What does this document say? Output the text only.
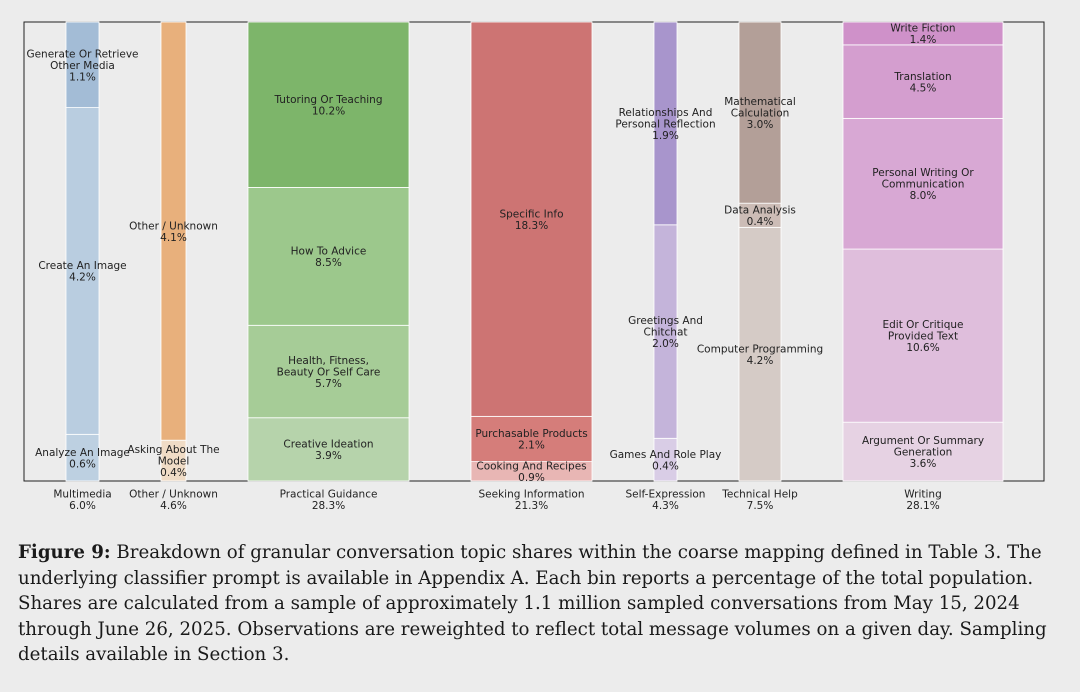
Analyze An Image 0.6%
Create An Image 4.2%
Generate Or Retrieve Other Media 1.1%
Asking About The Model 0.4%
Other / Unknown 4.1%
Creative Ideation 3.9%
Health, Fitness, Beauty Or Self Care 5.7%
How To Advice 8.5%
Tutoring Or Teaching 10.2%
Cooking And Recipes 0.9%
Purchasable Products 2.1%
Specific Info 18.3%
Games And Role Play 0.4%
Greetings And Chitchat 2.0%
Relationships And Personal Reflection 1.9%
Computer Programming 4.2%
Data Analysis 0.4%
Mathematical Calculation 3.0%
Argument Or Summary Generation 3.6%
Edit Or Critique Provided Text 10.6%
Personal Writing Or Communication 8.0%
Translation 4.5%
Write Fiction 1.4%
Multimedia 6.0%
Other / Unknown 4.6%
Practical Guidance 28.3%
Seeking Information 21.3%
Self-Expression 4.3%
Technical Help 7.5%
Writing 28.1%

Figure 9: Breakdown of granular conversation topic shares within the coarse mapping defined in Table 3. The underlying classifier prompt is available in Appendix A. Each bin reports a percentage of the total population. Shares are calculated from a sample of approximately 1.1 million sampled conversations from May 15, 2024 through June 26, 2025. Observations are reweighted to reflect total message volumes on a given day. Sampling details available in Section 3.
